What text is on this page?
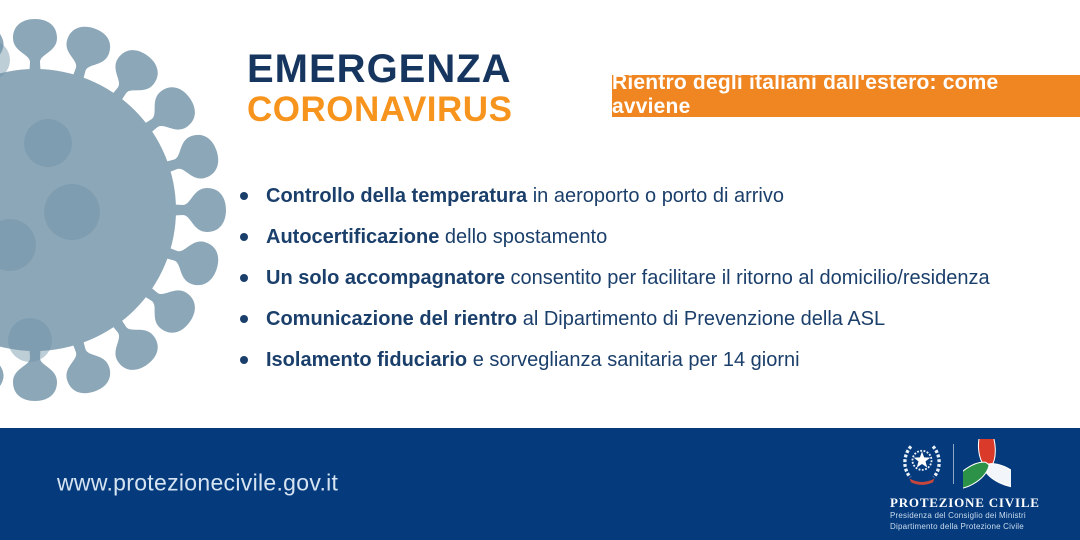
EMERGENZA
CORONAVIRUS
Rientro degli italiani dall'estero: come avviene
Controllo della temperatura in aeroporto o porto di arrivo
Autocertificazione dello spostamento
Un solo accompagnatore consentito per facilitare il ritorno al domicilio/residenza
Comunicazione del rientro al Dipartimento di Prevenzione della ASL
Isolamento fiduciario e sorveglianza sanitaria per 14 giorni
www.protezionecivile.gov.it
PROTEZIONE CIVILE
Presidenza del Consiglio dei Ministri
Dipartimento della Protezione Civile
